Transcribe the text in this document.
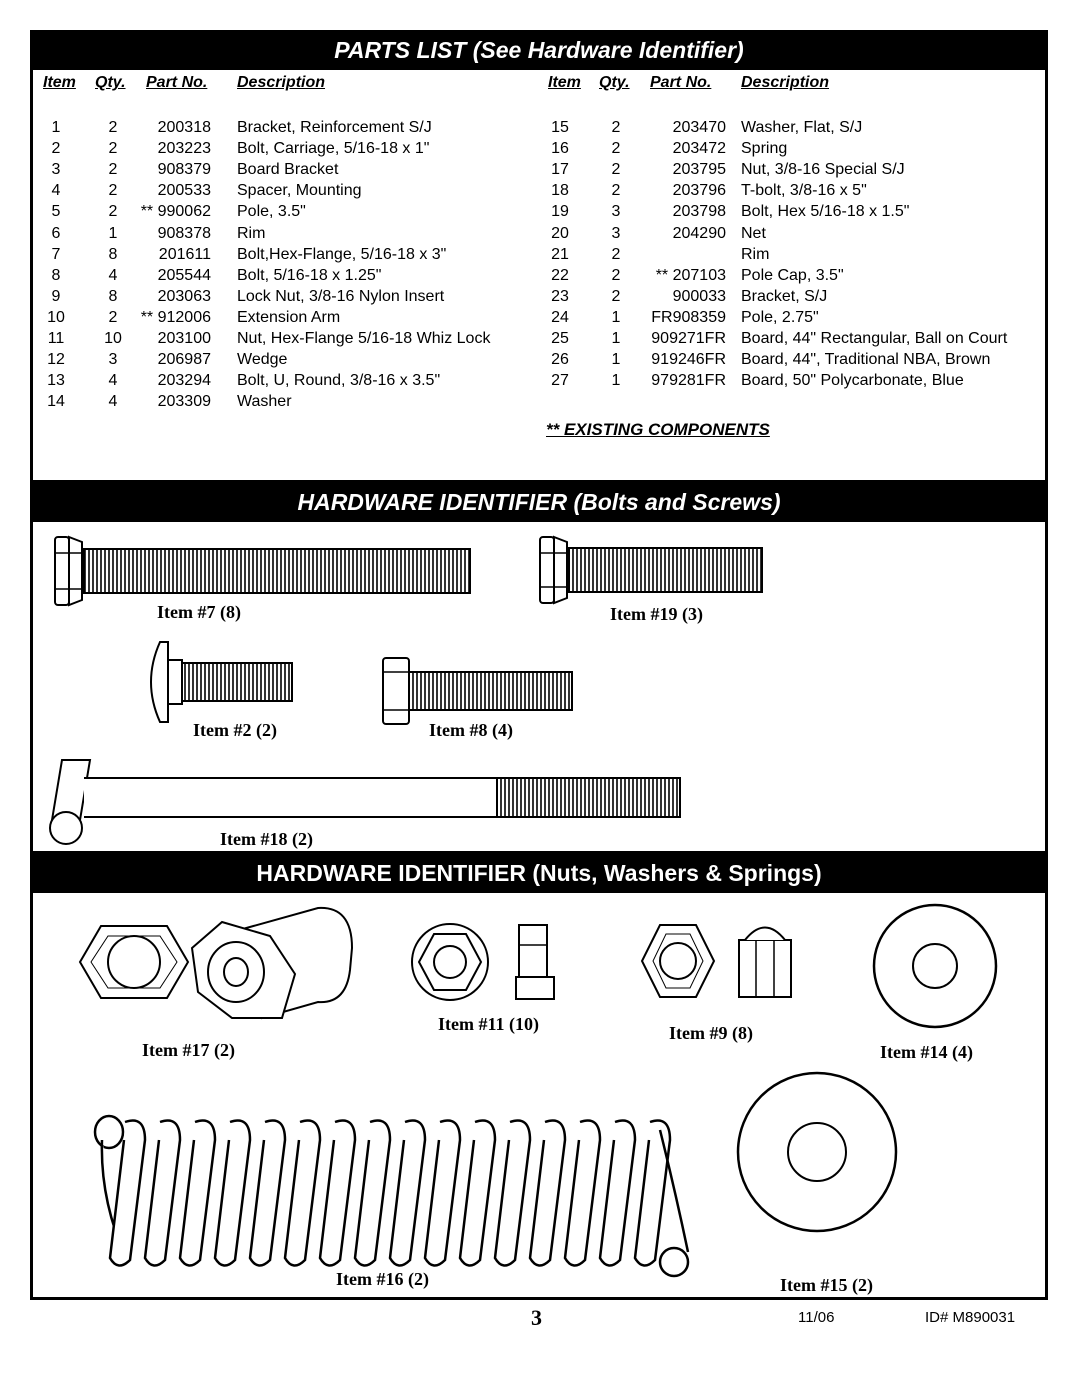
PARTS LIST (See Hardware Identifier)
Item Qty. Part No. Description	Item Qty. Part No. Description
1	2	200318 Bracket, Reinforcement S/J
2	2	203223 Bolt, Carriage, 5/16-18 x 1"
3	2	908379 Board Bracket
4	2	200533 Spacer, Mounting
5	2	** 990062 Pole, 3.5"
6	1	908378 Rim
7	8	201611 Bolt,Hex-Flange, 5/16-18 x 3"
8	4	205544 Bolt, 5/16-18 x 1.25"
9	8	203063 Lock Nut, 3/8-16 Nylon Insert
10	2	** 912006 Extension Arm
11	10	203100 Nut, Hex-Flange 5/16-18 Whiz Lock
12	3	206987 Wedge
13	4	203294 Bolt, U, Round, 3/8-16 x 3.5"
14	4	203309 Washer
15	2	203470 Washer, Flat, S/J
16	2	203472 Spring
17	2	203795 Nut, 3/8-16 Special S/J
18	2	203796 T-bolt, 3/8-16 x 5"
19	3	203798 Bolt, Hex 5/16-18 x 1.5"
20	3	204290 Net
21	2	Rim
22	2	** 207103 Pole Cap, 3.5"
23	2	900033 Bracket, S/J
24	1	FR908359 Pole, 2.75"
25	1	909271FR Board, 44" Rectangular, Ball on Court
26	1	919246FR Board, 44", Traditional NBA, Brown
27	1	979281FR Board, 50" Polycarbonate, Blue
** EXISTING COMPONENTS
HARDWARE IDENTIFIER (Bolts and Screws)
HARDWARE IDENTIFIER (Nuts, Washers & Springs)
Item #7 (8)	Item #19 (3)
Item #2 (2)	Item #8 (4)
Item #18 (2)
Item #11 (10)	Item #9 (8)
Item #17 (2)	Item #14 (4)
Item #16 (2)	Item #15 (2)
3	11/06	ID# M890031
